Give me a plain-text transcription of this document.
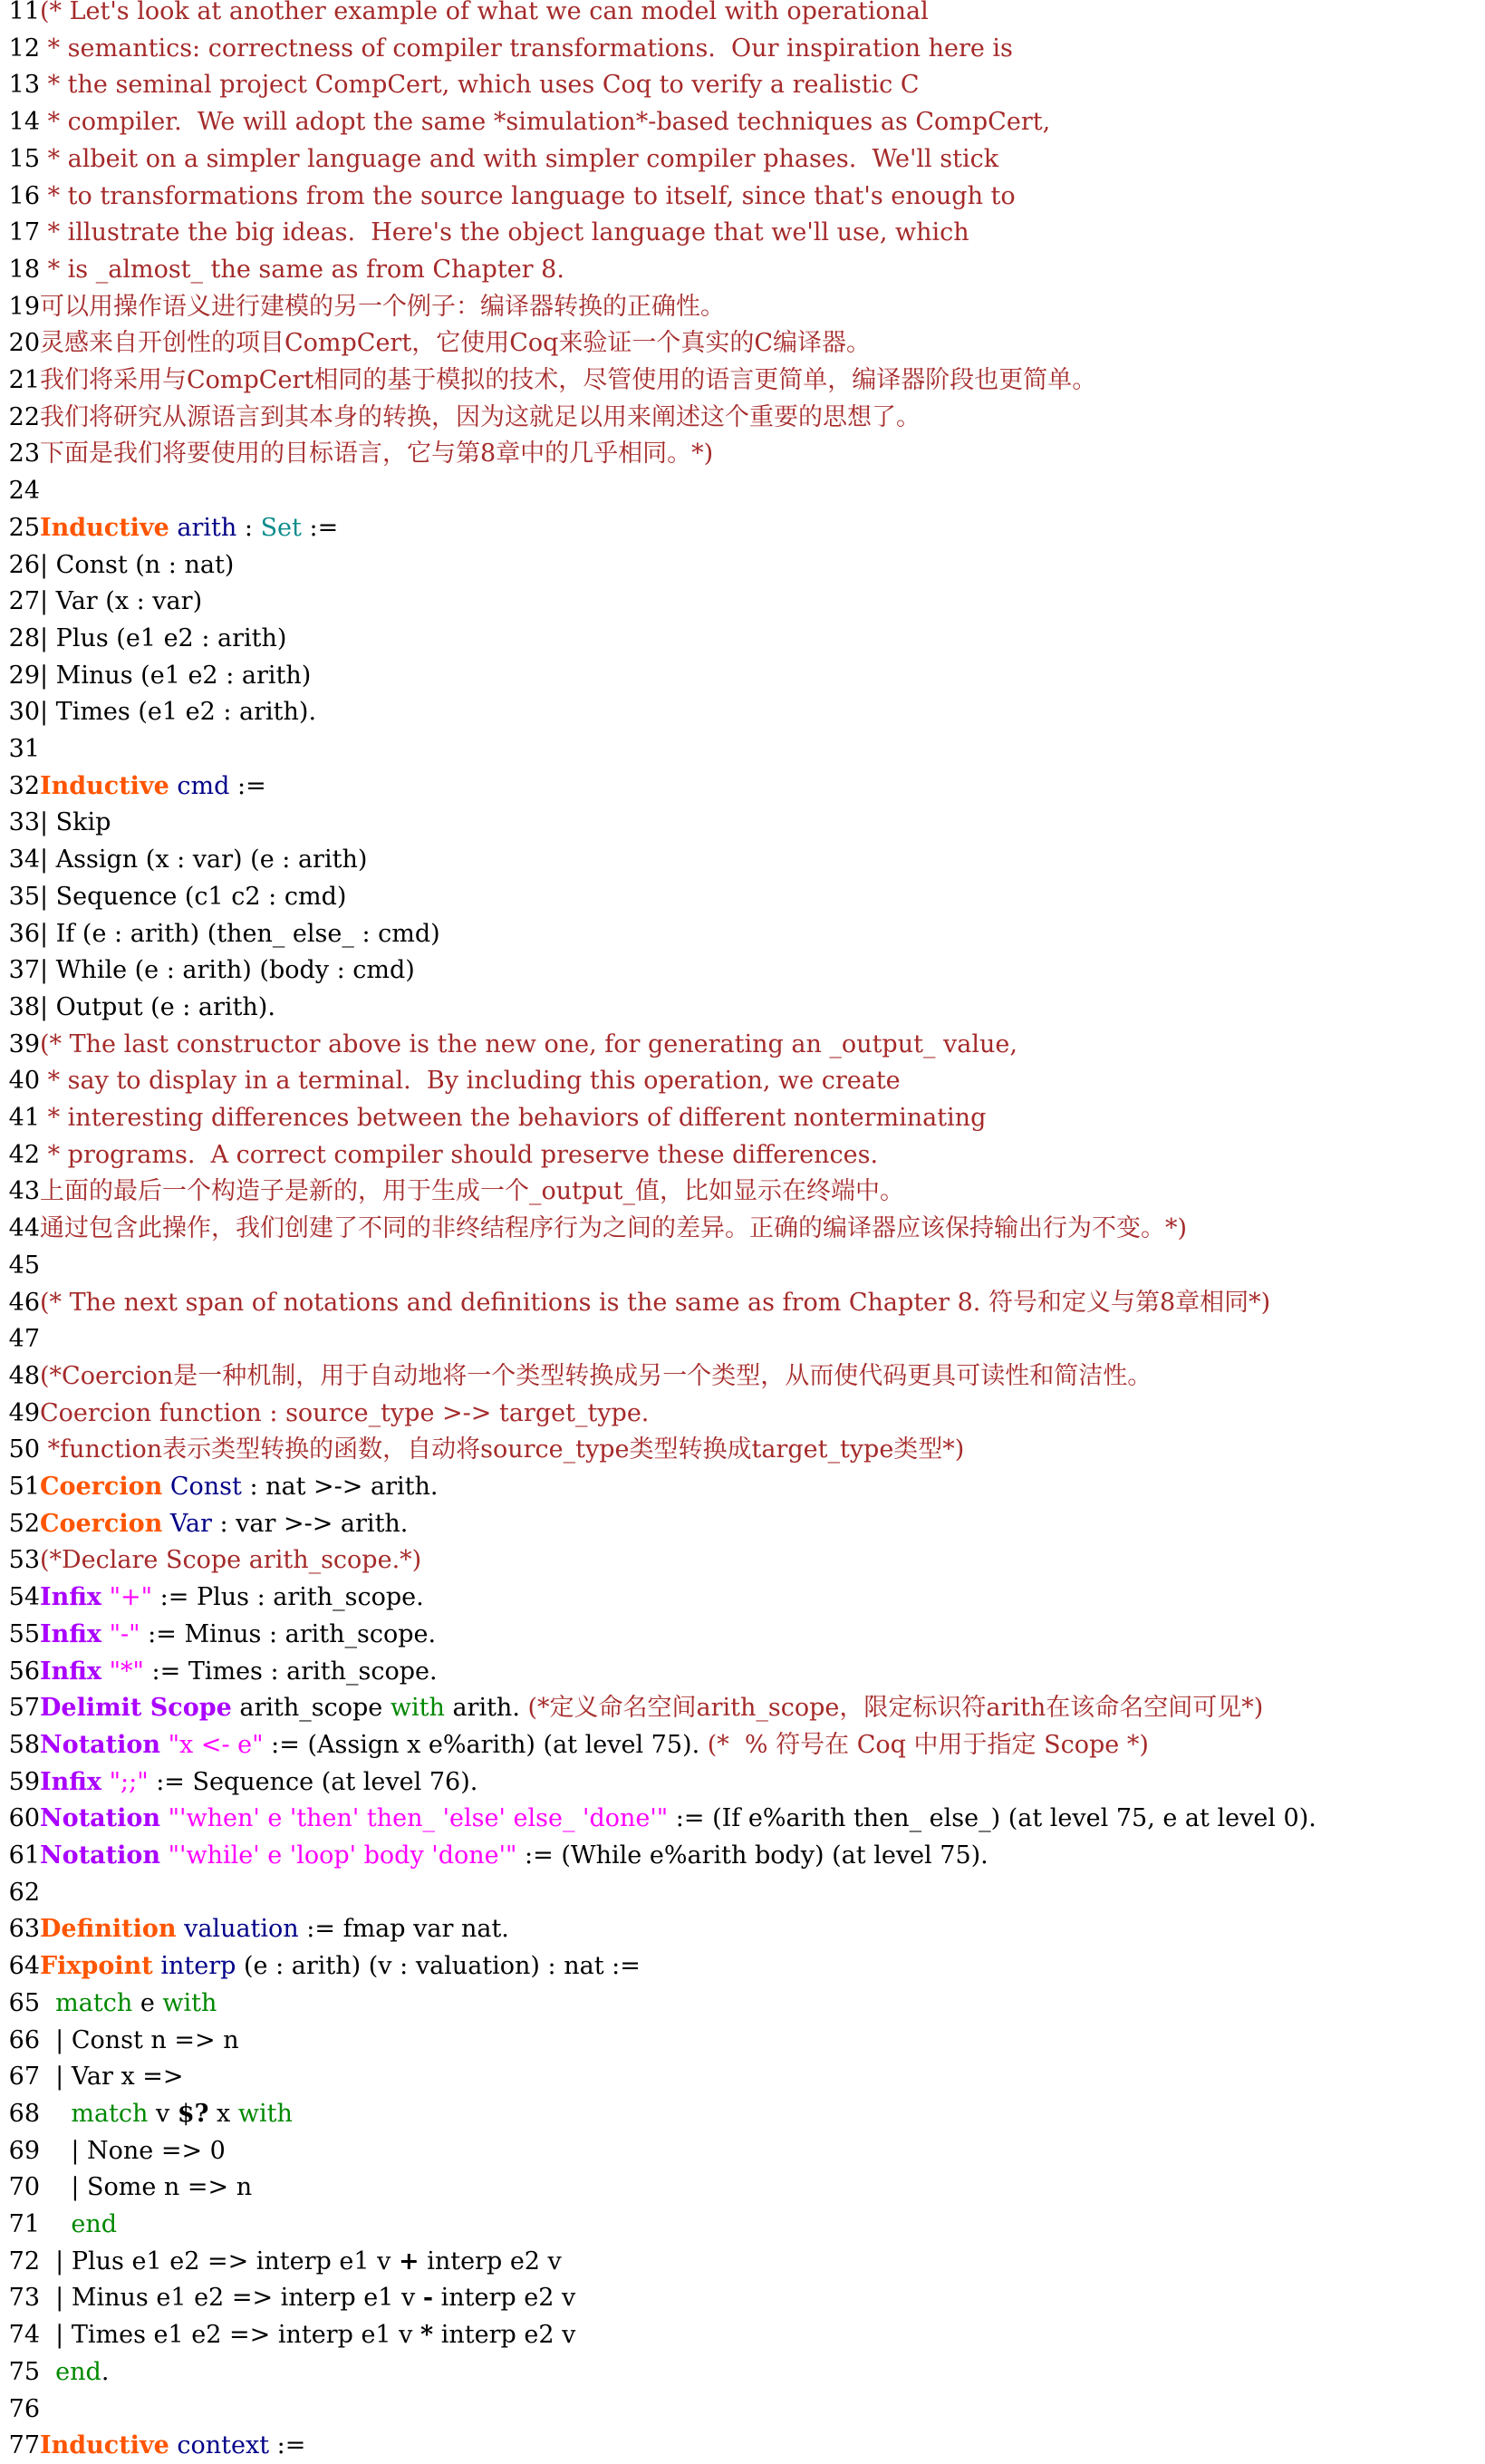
11(* Let's look at another example of what we can model with operational
12 * semantics: correctness of compiler transformations.  Our inspiration here is
13 * the seminal project CompCert, which uses Coq to verify a realistic C
14 * compiler.  We will adopt the same *simulation*-based techniques as CompCert,
15 * albeit on a simpler language and with simpler compiler phases.  We'll stick
16 * to transformations from the source language to itself, since that's enough to
17 * illustrate the big ideas.  Here's the object language that we'll use, which
18 * is _almost_ the same as from Chapter 8.
19可以用操作语义进行建模的另一个例子：编译器转换的正确性。
20灵感来自开创性的项目CompCert，它使用Coq来验证一个真实的C编译器。
21我们将采用与CompCert相同的基于模拟的技术，尽管使用的语言更简单，编译器阶段也更简单。
22我们将研究从源语言到其本身的转换，因为这就足以用来阐述这个重要的思想了。
23下面是我们将要使用的目标语言，它与第8章中的几乎相同。*)
24
25Inductive arith : Set :=
26| Const (n : nat)
27| Var (x : var)
28| Plus (e1 e2 : arith)
29| Minus (e1 e2 : arith)
30| Times (e1 e2 : arith).
31
32Inductive cmd :=
33| Skip
34| Assign (x : var) (e : arith)
35| Sequence (c1 c2 : cmd)
36| If (e : arith) (then_ else_ : cmd)
37| While (e : arith) (body : cmd)
38| Output (e : arith).
39(* The last constructor above is the new one, for generating an _output_ value,
40 * say to display in a terminal.  By including this operation, we create
41 * interesting differences between the behaviors of different nonterminating
42 * programs.  A correct compiler should preserve these differences.
43上面的最后一个构造子是新的，用于生成一个_output_值，比如显示在终端中。
44通过包含此操作，我们创建了不同的非终结程序行为之间的差异。正确的编译器应该保持输出行为不变。*)
45
46(* The next span of notations and definitions is the same as from Chapter 8. 符号和定义与第8章相同*)
47
48(*Coercion是一种机制，用于自动地将一个类型转换成另一个类型，从而使代码更具可读性和简洁性。
49Coercion function : source_type >-> target_type.
50 *function表示类型转换的函数，自动将source_type类型转换成target_type类型*)
51Coercion Const : nat >-> arith.
52Coercion Var : var >-> arith.
53(*Declare Scope arith_scope.*)
54Infix "+" := Plus : arith_scope.
55Infix "-" := Minus : arith_scope.
56Infix "*" := Times : arith_scope.
57Delimit Scope arith_scope with arith. (*定义命名空间arith_scope，限定标识符arith在该命名空间可见*)
58Notation "x <- e" := (Assign x e%arith) (at level 75). (*  % 符号在 Coq 中用于指定 Scope *)
59Infix ";;" := Sequence (at level 76).
60Notation "'when' e 'then' then_ 'else' else_ 'done'" := (If e%arith then_ else_) (at level 75, e at level 0).
61Notation "'while' e 'loop' body 'done'" := (While e%arith body) (at level 75).
62
63Definition valuation := fmap var nat.
64Fixpoint interp (e : arith) (v : valuation) : nat :=
65 match e with
66  | Const n => n
67  | Var x =>
68 match v $? x with
69    | None => 0
70    | Some n => n
71 end
72  | Plus e1 e2 => interp e1 v + interp e2 v
73  | Minus e1 e2 => interp e1 v - interp e2 v
74  | Times e1 e2 => interp e1 v * interp e2 v
75 end.
76
77Inductive context :=
